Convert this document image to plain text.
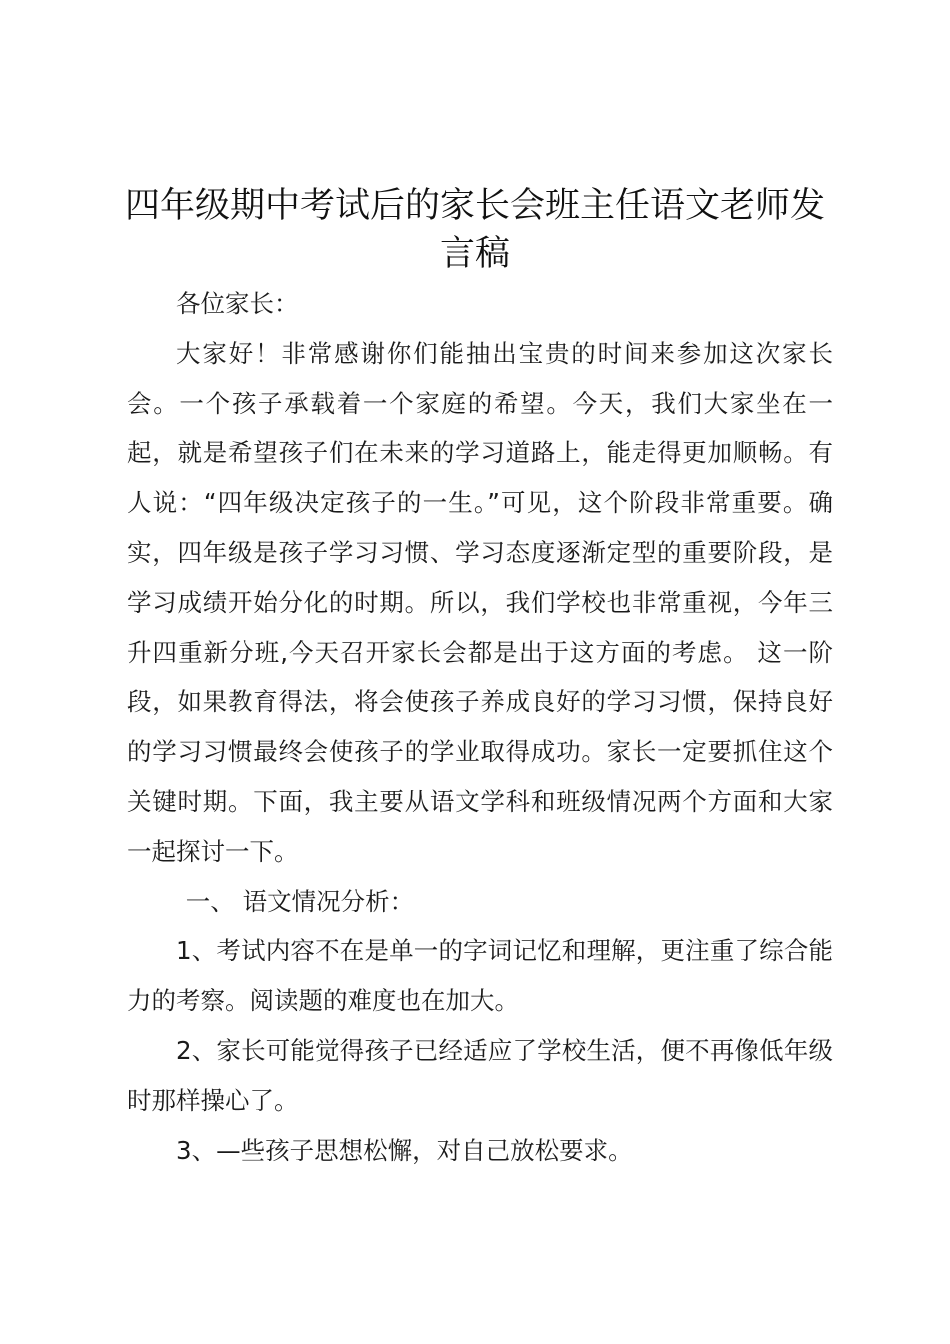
四年级期中考试后的家长会班主任语文老师发言稿

各位家长：

大家好！非常感谢你们能抽出宝贵的时间来参加这次家长会。一个孩子承载着一个家庭的希望。今天，我们大家坐在一起，就是希望孩子们在未来的学习道路上，能走得更加顺畅。有人说：“四年级决定孩子的一生。”可见，这个阶段非常重要。确实，四年级是孩子学习习惯、学习态度逐渐定型的重要阶段，是学习成绩开始分化的时期。所以，我们学校也非常重视，今年三升四重新分班,今天召开家长会都是出于这方面的考虑。 这一阶段，如果教育得法，将会使孩子养成良好的学习习惯，保持良好的学习习惯最终会使孩子的学业取得成功。家长一定要抓住这个关键时期。下面，我主要从语文学科和班级情况两个方面和大家一起探讨一下。

一、 语文情况分析：

1、考试内容不在是单一的字词记忆和理解，更注重了综合能力的考察。阅读题的难度也在加大。

2、家长可能觉得孩子已经适应了学校生活，便不再像低年级时那样操心了。

3、—些孩子思想松懈，对自己放松要求。
